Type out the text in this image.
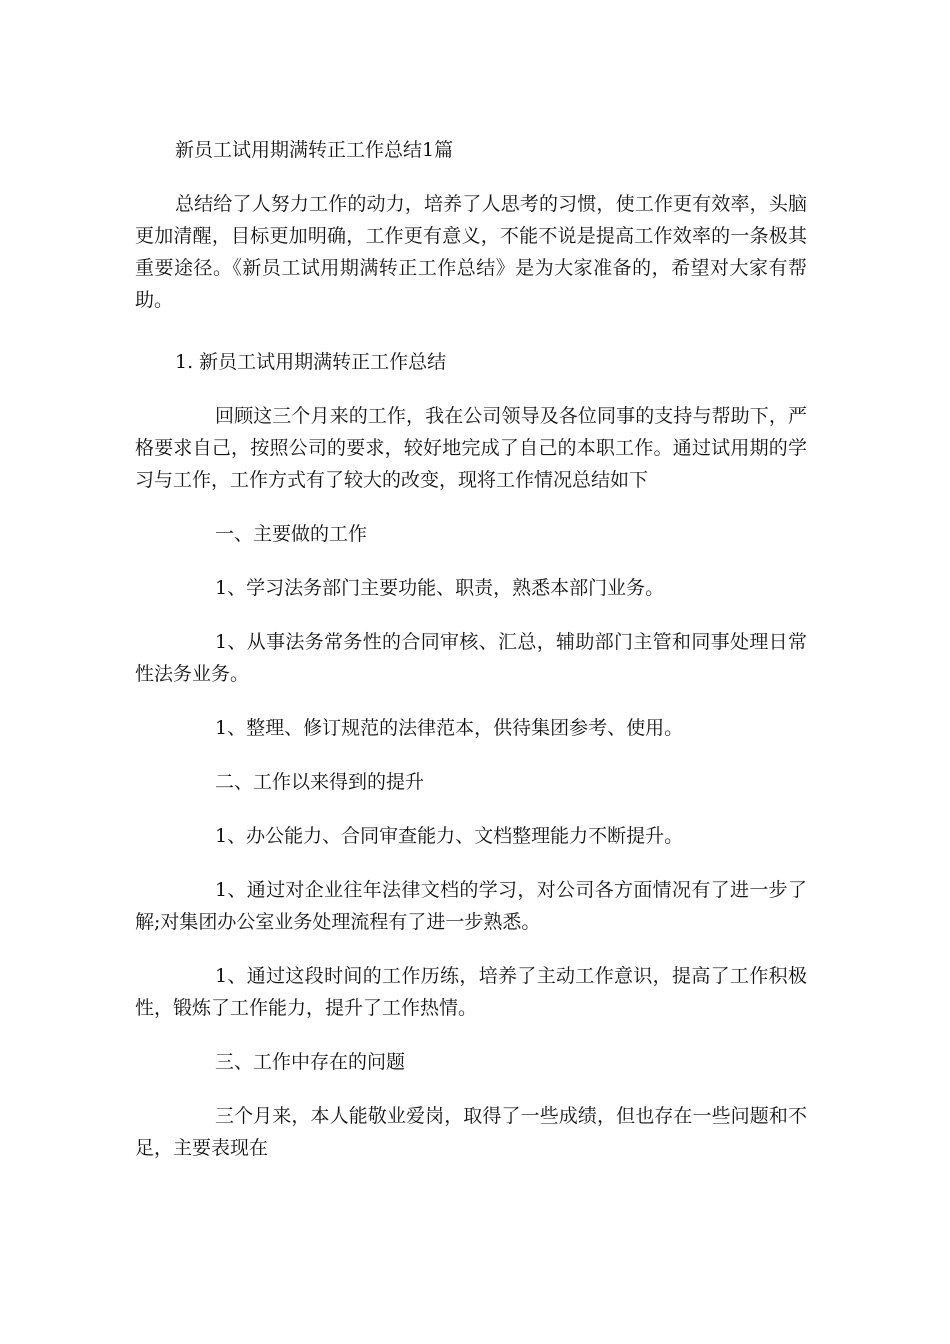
新员工试用期满转正工作总结1篇

总结给了人努力工作的动力，培养了人思考的习惯，使工作更有效率，头脑更加清醒，目标更加明确，工作更有意义，不能不说是提高工作效率的一条极其重要途径。《新员工试用期满转正工作总结》是为大家准备的，希望对大家有帮助。

1. 新员工试用期满转正工作总结

回顾这三个月来的工作，我在公司领导及各位同事的支持与帮助下，严格要求自己，按照公司的要求，较好地完成了自己的本职工作。通过试用期的学习与工作，工作方式有了较大的改变，现将工作情况总结如下

一、主要做的工作

1、学习法务部门主要功能、职责，熟悉本部门业务。

1、从事法务常务性的合同审核、汇总，辅助部门主管和同事处理日常性法务业务。

1、整理、修订规范的法律范本，供待集团参考、使用。

二、工作以来得到的提升

1、办公能力、合同审查能力、文档整理能力不断提升。

1、通过对企业往年法律文档的学习，对公司各方面情况有了进一步了解;对集团办公室业务处理流程有了进一步熟悉。

1、通过这段时间的工作历练，培养了主动工作意识，提高了工作积极性，锻炼了工作能力，提升了工作热情。

三、工作中存在的问题

三个月来，本人能敬业爱岗，取得了一些成绩，但也存在一些问题和不足，主要表现在
